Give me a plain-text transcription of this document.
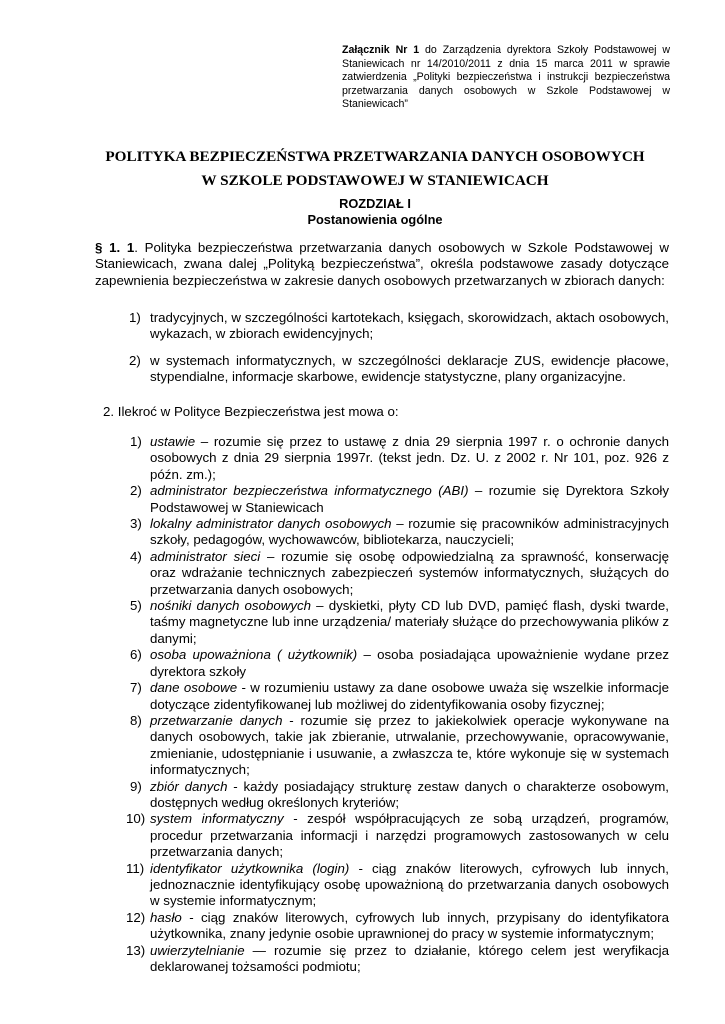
Załącznik Nr 1 do Zarządzenia dyrektora Szkoły Podstawowej w Staniewicach nr 14/2010/2011 z dnia 15 marca 2011 w sprawie zatwierdzenia „Polityki bezpieczeństwa i instrukcji bezpieczeństwa przetwarzania danych osobowych w Szkole Podstawowej w Staniewicach”
POLITYKA BEZPIECZEŃSTWA PRZETWARZANIA DANYCH OSOBOWYCH
W SZKOLE PODSTAWOWEJ W STANIEWICACH
ROZDZIAŁ I
Postanowienia ogólne
§ 1. 1. Polityka bezpieczeństwa przetwarzania danych osobowych w Szkole Podstawowej w Staniewicach, zwana dalej „Polityką bezpieczeństwa”, określa podstawowe zasady dotyczące zapewnienia bezpieczeństwa w zakresie danych osobowych przetwarzanych w zbiorach danych:
1) tradycyjnych, w szczególności kartotekach, księgach, skorowidzach, aktach osobowych, wykazach, w zbiorach ewidencyjnych;
2) w systemach informatycznych, w szczególności deklaracje ZUS, ewidencje płacowe, stypendialne, informacje skarbowe, ewidencje statystyczne, plany organizacyjne.
2. Ilekroć w Polityce Bezpieczeństwa jest mowa o:
1) ustawie – rozumie się przez to ustawę z dnia 29 sierpnia 1997 r. o ochronie danych osobowych z dnia 29 sierpnia 1997r. (tekst jedn. Dz. U. z 2002 r. Nr 101, poz. 926 z późn. zm.);
2) administrator bezpieczeństwa informatycznego (ABI) – rozumie się Dyrektora Szkoły Podstawowej w Staniewicach
3) lokalny administrator danych osobowych – rozumie się pracowników administracyjnych szkoły, pedagogów, wychowawców, bibliotekarza, nauczycieli;
4) administrator sieci – rozumie się osobę odpowiedzialną za sprawność, konserwację oraz wdrażanie technicznych zabezpieczeń systemów informatycznych, służących do przetwarzania danych osobowych;
5) nośniki danych osobowych – dyskietki, płyty CD lub DVD, pamięć flash, dyski twarde, taśmy magnetyczne lub inne urządzenia/ materiały służące do przechowywania plików z danymi;
6) osoba upoważniona ( użytkownik) – osoba posiadająca upoważnienie wydane przez dyrektora szkoły
7) dane osobowe - w rozumieniu ustawy za dane osobowe uważa się wszelkie informacje dotyczące zidentyfikowanej lub możliwej do zidentyfikowania osoby fizycznej;
8) przetwarzanie danych - rozumie się przez to jakiekolwiek operacje wykonywane na danych osobowych, takie jak zbieranie, utrwalanie, przechowywanie, opracowywanie, zmienianie, udostępnianie i usuwanie, a zwłaszcza te, które wykonuje się w systemach informatycznych;
9) zbiór danych - każdy posiadający strukturę zestaw danych o charakterze osobowym, dostępnych według określonych kryteriów;
10) system informatyczny - zespół współpracujących ze sobą urządzeń, programów, procedur przetwarzania informacji i narzędzi programowych zastosowanych w celu przetwarzania danych;
11) identyfikator użytkownika (login) - ciąg znaków literowych, cyfrowych lub innych, jednoznacznie identyfikujący osobę upoważnioną do przetwarzania danych osobowych w systemie informatycznym;
12) hasło - ciąg znaków literowych, cyfrowych lub innych, przypisany do identyfikatora użytkownika, znany jedynie osobie uprawnionej do pracy w systemie informatycznym;
13) uwierzytelnianie — rozumie się przez to działanie, którego celem jest weryfikacja deklarowanej tożsamości podmiotu;
